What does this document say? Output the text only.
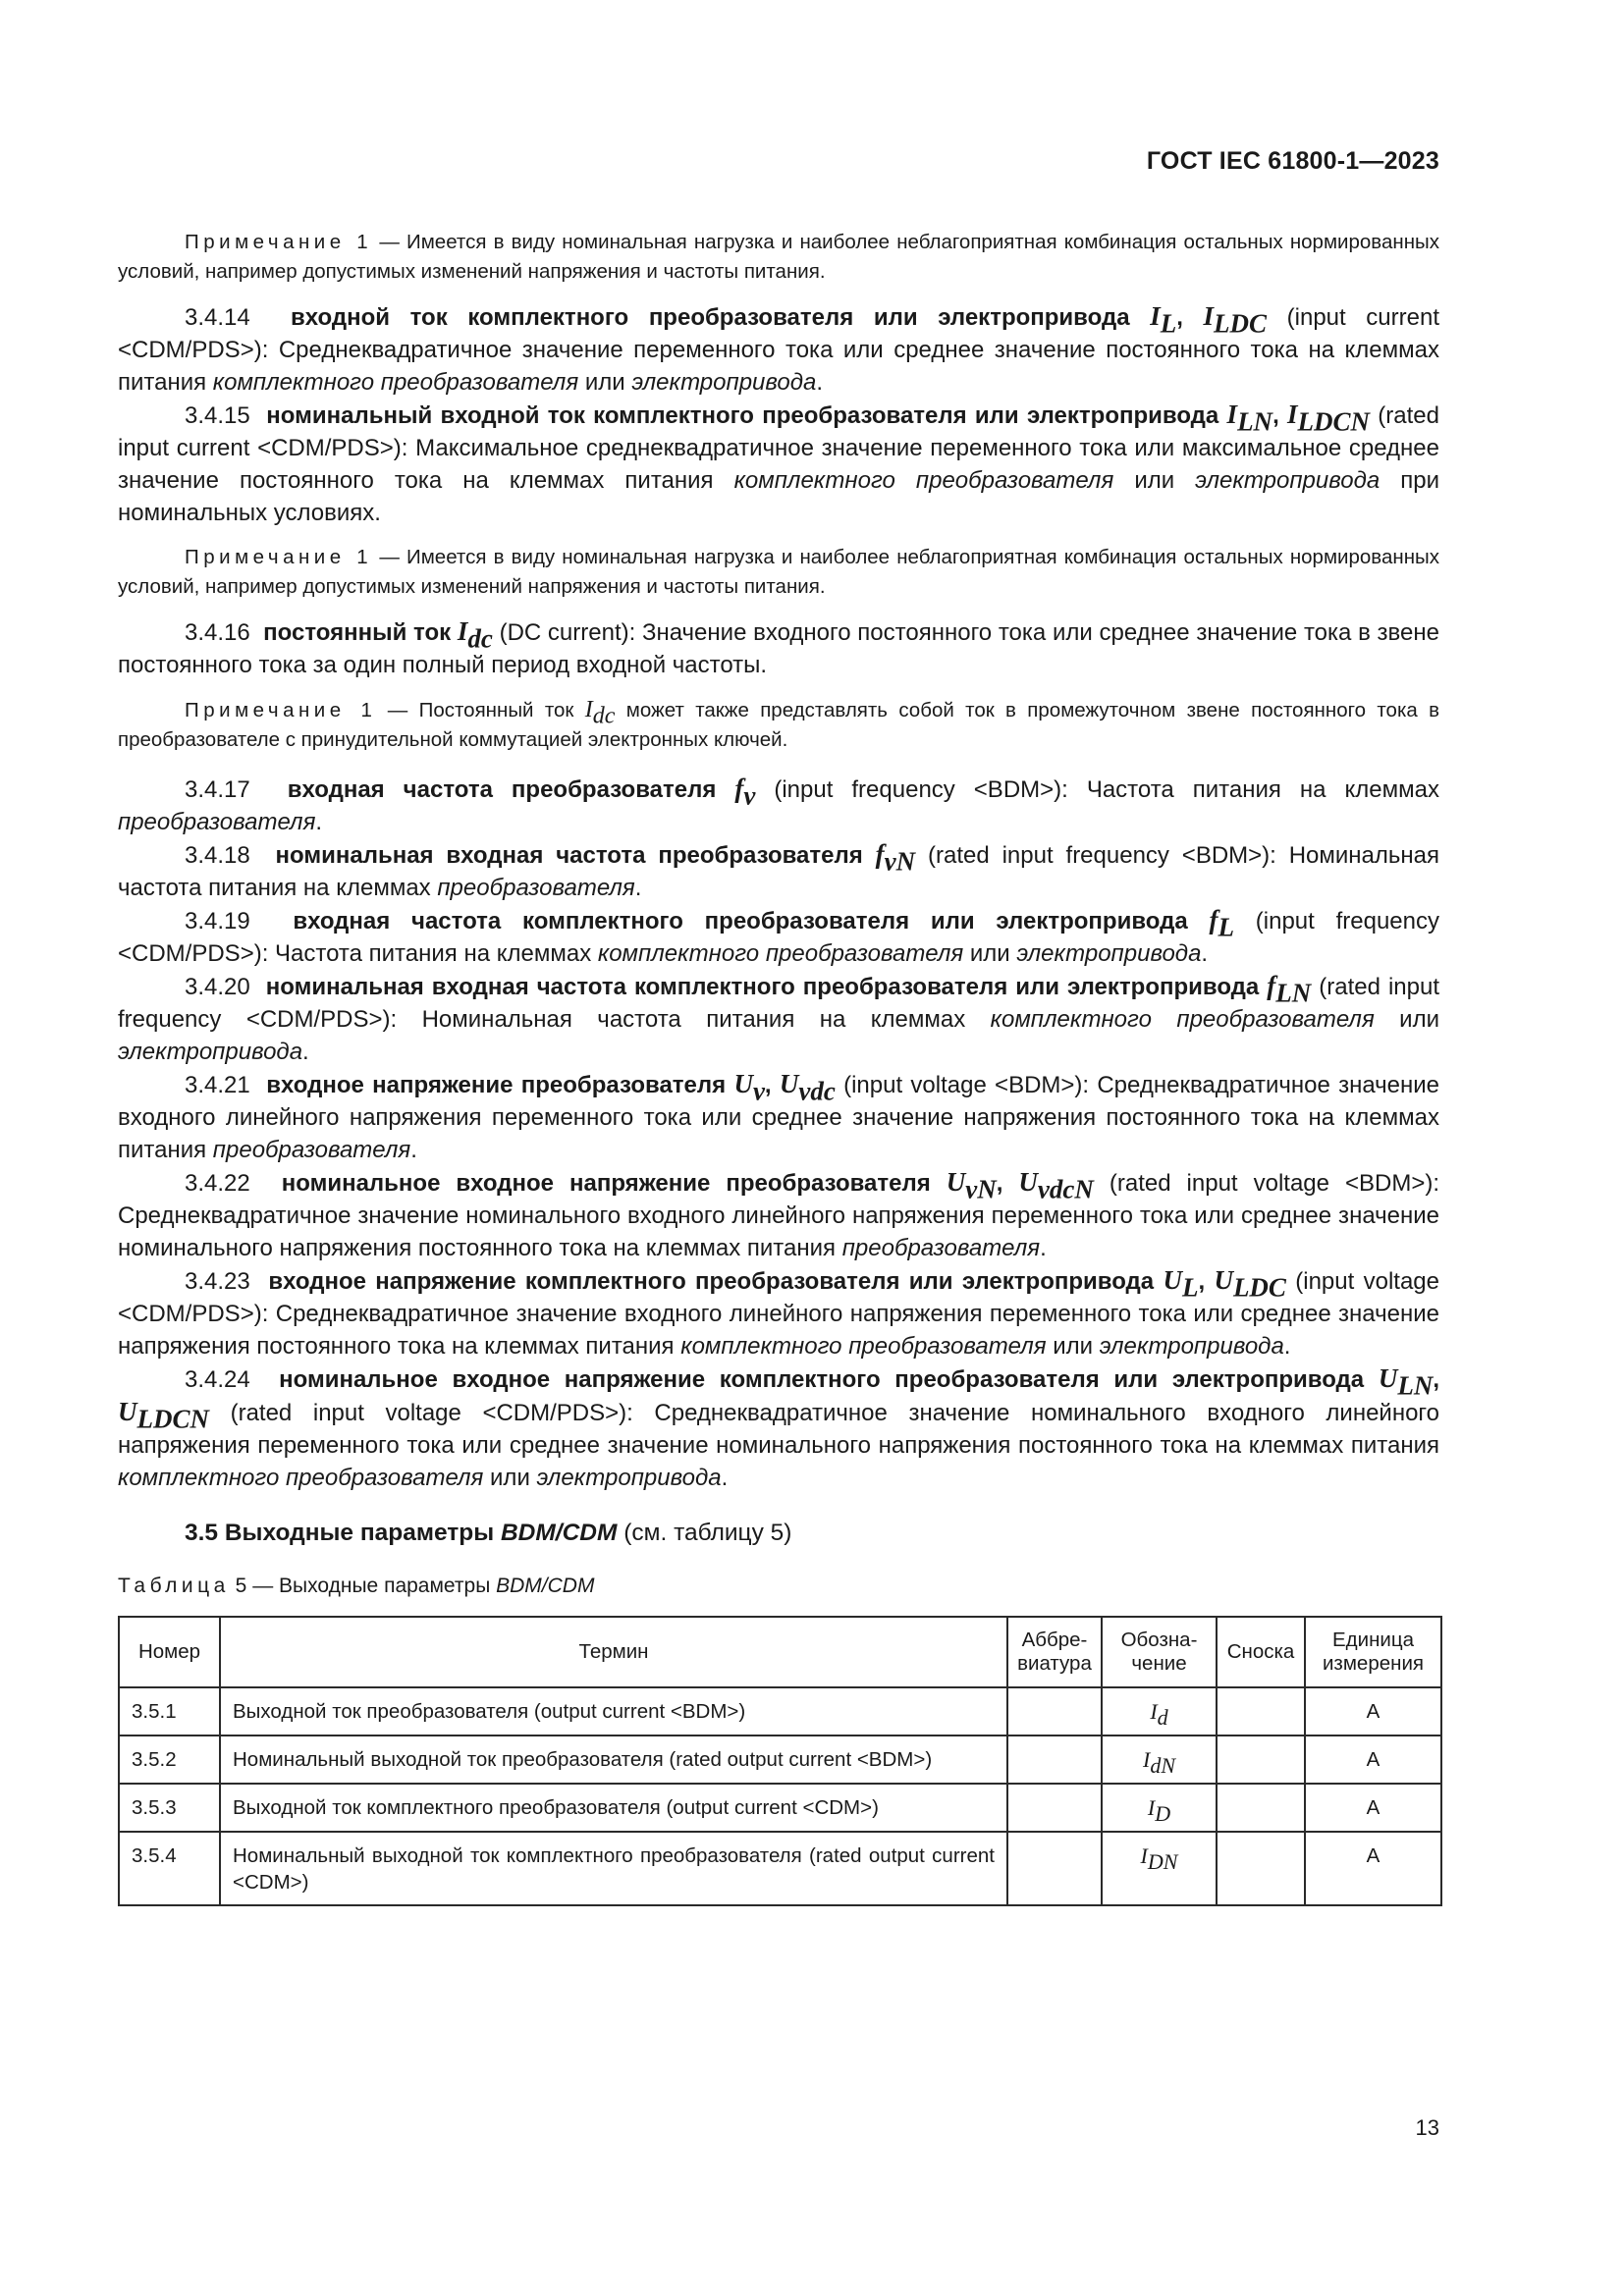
ГОСТ IEC 61800-1—2023

Примечание 1 — Имеется в виду номинальная нагрузка и наиболее неблагоприятная комбинация остальных нормированных условий, например допустимых изменений напряжения и частоты питания.

3.4.14 входной ток комплектного преобразователя или электропривода $I_L$, $I_{LDC}$ (input current <CDM/PDS>): Среднеквадратичное значение переменного тока или среднее значение постоянного тока на клеммах питания комплектного преобразователя или электропривода.

3.4.15 номинальный входной ток комплектного преобразователя или электропривода $I_{LN}$, $I_{LDCN}$ (rated input current <CDM/PDS>): Максимальное среднеквадратичное значение переменного тока или максимальное среднее значение постоянного тока на клеммах питания комплектного преобразователя или электропривода при номинальных условиях.

Примечание 1 — Имеется в виду номинальная нагрузка и наиболее неблагоприятная комбинация остальных нормированных условий, например допустимых изменений напряжения и частоты питания.

3.4.16 постоянный ток $I_{dc}$ (DC current): Значение входного постоянного тока или среднее значение тока в звене постоянного тока за один полный период входной частоты.

Примечание 1 — Постоянный ток $I_{dc}$ может также представлять собой ток в промежуточном звене постоянного тока в преобразователе с принудительной коммутацией электронных ключей.

3.4.17 входная частота преобразователя $f_v$ (input frequency <BDM>): Частота питания на клеммах преобразователя.

3.4.18 номинальная входная частота преобразователя $f_{vN}$ (rated input frequency <BDM>): Номинальная частота питания на клеммах преобразователя.

3.4.19 входная частота комплектного преобразователя или электропривода $f_L$ (input frequency <CDM/PDS>): Частота питания на клеммах комплектного преобразователя или электропривода.

3.4.20 номинальная входная частота комплектного преобразователя или электропривода $f_{LN}$ (rated input frequency <CDM/PDS>): Номинальная частота питания на клеммах комплектного преобразователя или электропривода.

3.4.21 входное напряжение преобразователя $U_v$, $U_{vdc}$ (input voltage <BDM>): Среднеквадратичное значение входного линейного напряжения переменного тока или среднее значение напряжения постоянного тока на клеммах питания преобразователя.

3.4.22 номинальное входное напряжение преобразователя $U_{vN}$, $U_{vdcN}$ (rated input voltage <BDM>): Среднеквадратичное значение номинального входного линейного напряжения переменного тока или среднее значение номинального напряжения постоянного тока на клеммах питания преобразователя.

3.4.23 входное напряжение комплектного преобразователя или электропривода $U_L$, $U_{LDC}$ (input voltage <CDM/PDS>): Среднеквадратичное значение входного линейного напряжения переменного тока или среднее значение напряжения постоянного тока на клеммах питания комплектного преобразователя или электропривода.

3.4.24 номинальное входное напряжение комплектного преобразователя или электропривода $U_{LN}$, $U_{LDCN}$ (rated input voltage <CDM/PDS>): Среднеквадратичное значение номинального входного линейного напряжения переменного тока или среднее значение номинального напряжения постоянного тока на клеммах питания комплектного преобразователя или электропривода.

3.5 Выходные параметры BDM/CDM (см. таблицу 5)

Таблица 5 — Выходные параметры BDM/CDM

Номер	Термин	Аббре-виатура	Обозна-чение	Сноска	Единица измерения
3.5.1	Выходной ток преобразователя (output current <BDM>)		$I_d$		A
3.5.2	Номинальный выходной ток преобразователя (rated output current <BDM>)		$I_{dN}$		A
3.5.3	Выходной ток комплектного преобразователя (output current <CDM>)		$I_D$		A
3.5.4	Номинальный выходной ток комплектного преобразователя (rated output current <CDM>)		$I_{DN}$		A
13
